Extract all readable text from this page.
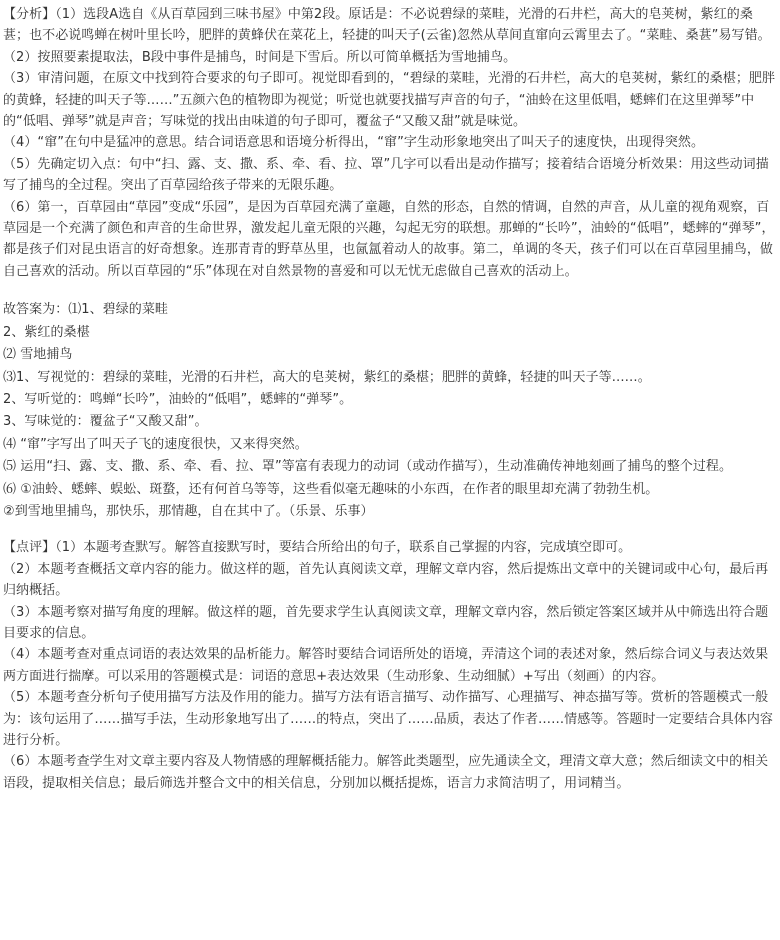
【分析】（1）选段A选自《从百草园到三味书屋》中第2段。原话是：不必说碧绿的菜畦，光滑的石井栏，高大的皂荚树，紫红的桑葚；也不必说鸣蝉在树叶里长吟，肥胖的黄蜂伏在菜花上，轻捷的叫天子(云雀)忽然从草间直窜向云霄里去了。“菜畦、桑葚”易写错。
（2）按照要素提取法，B段中事件是捕鸟，时间是下雪后。所以可简单概括为雪地捕鸟。
（3）审清问题，在原文中找到符合要求的句子即可。视觉即看到的，“碧绿的菜畦，光滑的石井栏，高大的皂荚树，紫红的桑椹；肥胖的黄蜂，轻捷的叫天子等……”五颜六色的植物即为视觉；听觉也就要找描写声音的句子，“油蛉在这里低唱，蟋蟀们在这里弹琴”中的“低唱、弹琴”就是声音；写味觉的找出由味道的句子即可，覆盆子“又酸又甜”就是味觉。
（4）“窜”在句中是猛冲的意思。结合词语意思和语境分析得出，“窜”字生动形象地突出了叫天子的速度快，出现得突然。
（5）先确定切入点：句中“扫、露、支、撒、系、牵、看、拉、罩”几字可以看出是动作描写；接着结合语境分析效果：用这些动词描写了捕鸟的全过程。突出了百草园给孩子带来的无限乐趣。
（6）第一，百草园由“草园”变成“乐园”，是因为百草园充满了童趣，自然的形态，自然的情调，自然的声音，从儿童的视角观察，百草园是一个充满了颜色和声音的生命世界，激发起儿童无限的兴趣，勾起无穷的联想。那蝉的“长吟”，油蛉的“低唱”，蟋蟀的“弹琴”，都是孩子们对昆虫语言的好奇想象。连那青青的野草丛里，也氤氲着动人的故事。第二，单调的冬天，孩子们可以在百草园里捕鸟，做自己喜欢的活动。所以百草园的“乐”体现在对自然景物的喜爱和可以无忧无虑做自己喜欢的活动上。
故答案为：⑴1、碧绿的菜畦
2、紫红的桑椹
⑵ 雪地捕鸟
⑶1、写视觉的：碧绿的菜畦，光滑的石井栏，高大的皂荚树，紫红的桑椹；肥胖的黄蜂，轻捷的叫天子等……。
2、写听觉的：鸣蝉“长吟”，油蛉的“低唱”，蟋蟀的“弹琴”。
3、写味觉的：覆盆子“又酸又甜”。
⑷ “窜”字写出了叫天子飞的速度很快，又来得突然。
⑸ 运用“扫、露、支、撒、系、牵、看、拉、罩”等富有表现力的动词（或动作描写），生动准确传神地刻画了捕鸟的整个过程。
⑹ ①油蛉、蟋蟀、蜈蚣、斑蝥，还有何首乌等等，这些看似毫无趣味的小东西，在作者的眼里却充满了勃勃生机。
②到雪地里捕鸟，那快乐，那情趣，自在其中了。（乐景、乐事）
【点评】（1）本题考查默写。解答直接默写时，要结合所给出的句子，联系自己掌握的内容，完成填空即可。
（2）本题考查概括文章内容的能力。做这样的题，首先认真阅读文章，理解文章内容，然后提炼出文章中的关键词或中心句，最后再归纳概括。
（3）本题考察对描写角度的理解。做这样的题，首先要求学生认真阅读文章，理解文章内容，然后锁定答案区域并从中筛选出符合题目要求的信息。
（4）本题考查对重点词语的表达效果的品析能力。解答时要结合词语所处的语境，弄清这个词的表述对象，然后综合词义与表达效果两方面进行揣摩。可以采用的答题模式是：词语的意思+表达效果（生动形象、生动细腻）+写出（刻画）的内容。
（5）本题考查分析句子使用描写方法及作用的能力。描写方法有语言描写、动作描写、心理描写、神态描写等。赏析的答题模式一般为：该句运用了……描写手法，生动形象地写出了……的特点，突出了……品质，表达了作者……情感等。答题时一定要结合具体内容进行分析。
（6）本题考查学生对文章主要内容及人物情感的理解概括能力。解答此类题型，应先通读全文，理清文章大意；然后细读文中的相关语段，提取相关信息；最后筛选并整合文中的相关信息，分别加以概括提炼，语言力求简洁明了，用词精当。
